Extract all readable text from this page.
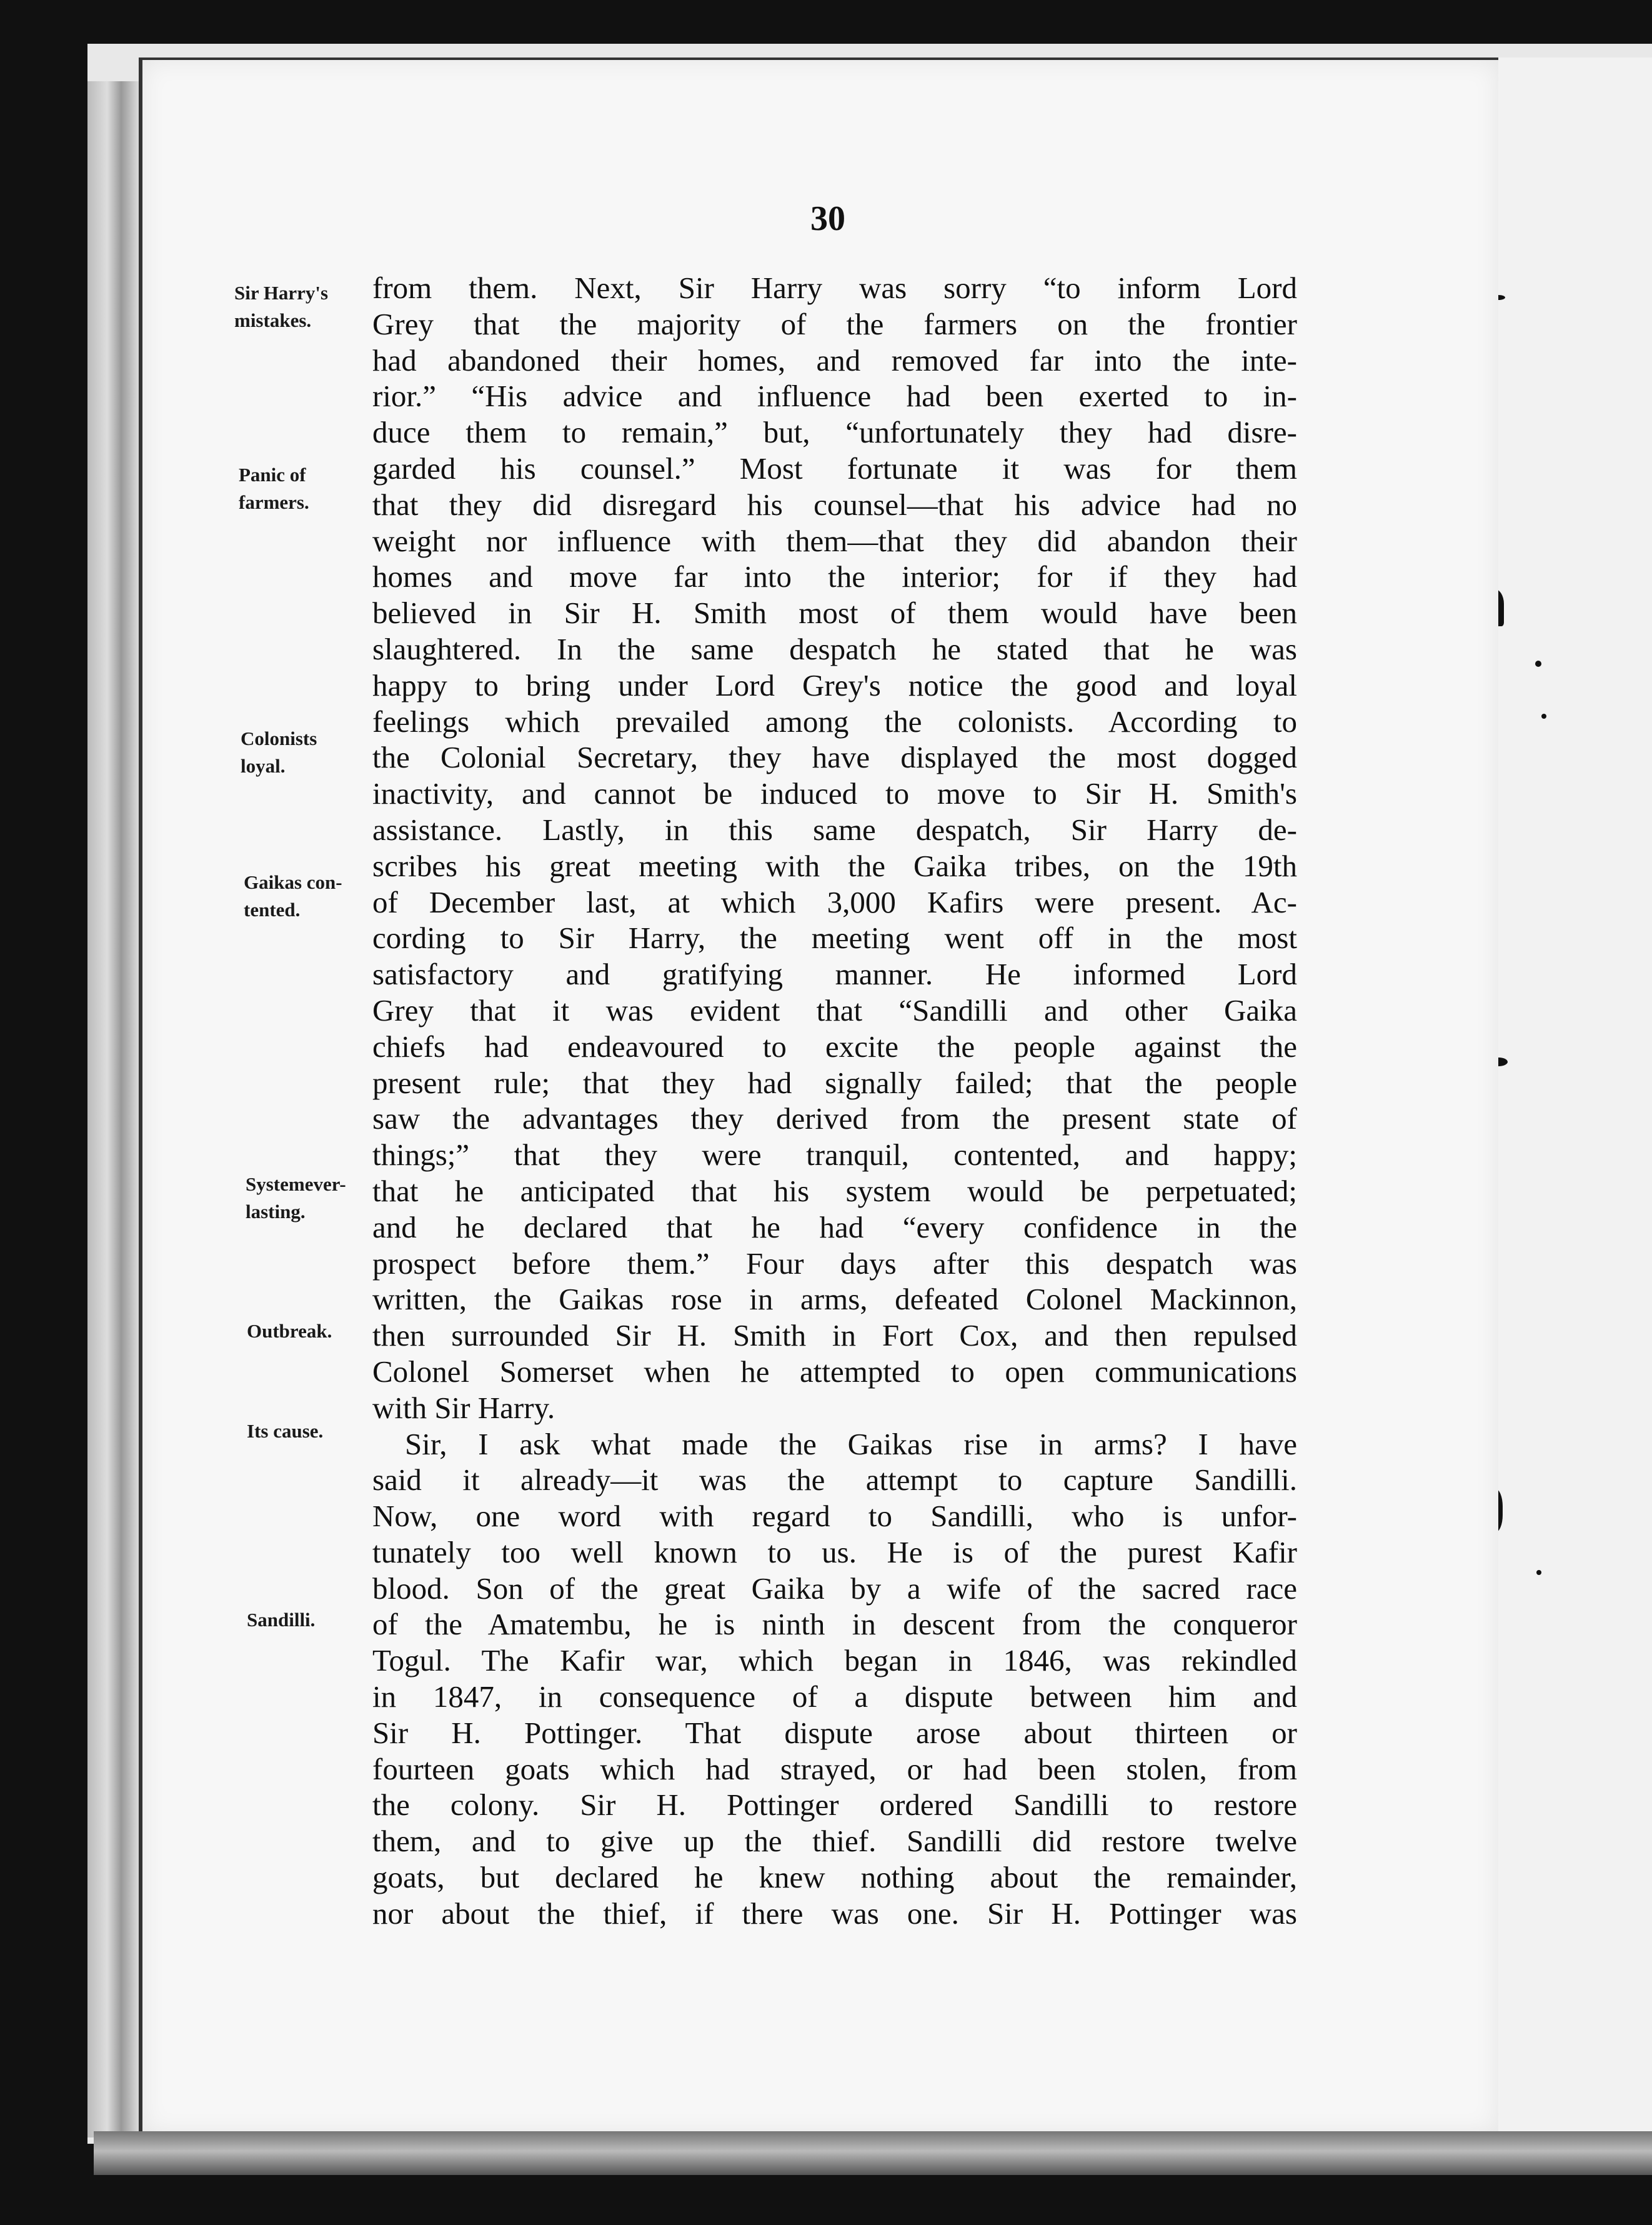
30
Sir Harry's
mistakes.
Panic of
farmers.
Colonists
loyal.
Gaikas con-
tented.
Systemever-
lasting.
Outbreak.
Its cause.
Sandilli.
from them. Next, Sir Harry was sorry “to inform Lord
Grey that the majority of the farmers on the frontier
had abandoned their homes, and removed far into the inte-
rior.” “His advice and influence had been exerted to in-
duce them to remain,” but, “unfortunately they had disre-
garded his counsel.” Most fortunate it was for them
that they did disregard his counsel—that his advice had no
weight nor influence with them—that they did abandon their
homes and move far into the interior; for if they had
believed in Sir H. Smith most of them would have been
slaughtered. In the same despatch he stated that he was
happy to bring under Lord Grey's notice the good and loyal
feelings which prevailed among the colonists. According to
the Colonial Secretary, they have displayed the most dogged
inactivity, and cannot be induced to move to Sir H. Smith's
assistance. Lastly, in this same despatch, Sir Harry de-
scribes his great meeting with the Gaika tribes, on the 19th
of December last, at which 3,000 Kafirs were present. Ac-
cording to Sir Harry, the meeting went off in the most
satisfactory and gratifying manner. He informed Lord
Grey that it was evident that “Sandilli and other Gaika
chiefs had endeavoured to excite the people against the
present rule; that they had signally failed; that the people
saw the advantages they derived from the present state of
things;” that they were tranquil, contented, and happy;
that he anticipated that his system would be perpetuated;
and he declared that he had “every confidence in the
prospect before them.” Four days after this despatch was
written, the Gaikas rose in arms, defeated Colonel Mackinnon,
then surrounded Sir H. Smith in Fort Cox, and then repulsed
Colonel Somerset when he attempted to open communications
with Sir Harry.
Sir, I ask what made the Gaikas rise in arms? I have
said it already—it was the attempt to capture Sandilli.
Now, one word with regard to Sandilli, who is unfor-
tunately too well known to us. He is of the purest Kafir
blood. Son of the great Gaika by a wife of the sacred race
of the Amatembu, he is ninth in descent from the conqueror
Togul. The Kafir war, which began in 1846, was rekindled
in 1847, in consequence of a dispute between him and
Sir H. Pottinger. That dispute arose about thirteen or
fourteen goats which had strayed, or had been stolen, from
the colony. Sir H. Pottinger ordered Sandilli to restore
them, and to give up the thief. Sandilli did restore twelve
goats, but declared he knew nothing about the remainder,
nor about the thief, if there was one. Sir H. Pottinger was
